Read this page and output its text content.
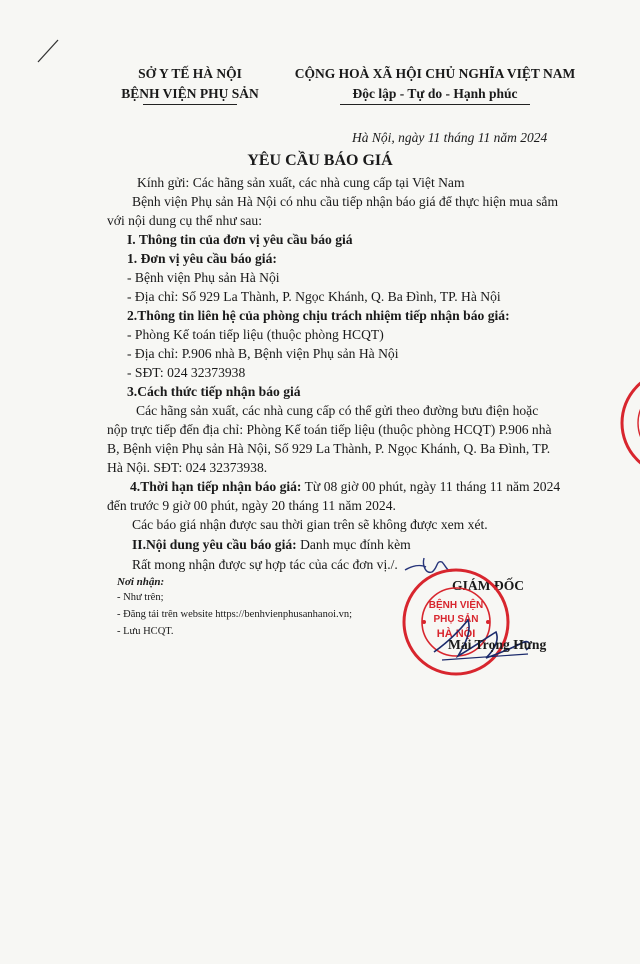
SỞ Y TẾ HÀ NỘI
BỆNH VIỆN PHỤ SẢN
CỘNG HOÀ XÃ HỘI CHỦ NGHĨA VIỆT NAM
Độc lập - Tự do - Hạnh phúc
Hà Nội, ngày 11 tháng 11 năm 2024
YÊU CẦU BÁO GIÁ
Kính gửi: Các hãng sản xuất, các nhà cung cấp tại Việt Nam
Bệnh viện Phụ sản Hà Nội có nhu cầu tiếp nhận báo giá để thực hiện mua sắm
với nội dung cụ thể như sau:
I. Thông tin của đơn vị yêu cầu báo giá
1. Đơn vị yêu cầu báo giá:
- Bệnh viện Phụ sản Hà Nội
- Địa chỉ: Số 929 La Thành, P. Ngọc Khánh, Q. Ba Đình, TP. Hà Nội
2.Thông tin liên hệ của phòng chịu trách nhiệm tiếp nhận báo giá:
- Phòng Kế toán tiếp liệu (thuộc phòng HCQT)
- Địa chỉ: P.906 nhà B, Bệnh viện Phụ sản Hà Nội
- SĐT: 024 32373938
3.Cách thức tiếp nhận báo giá
Các hãng sản xuất, các nhà cung cấp có thể gửi theo đường bưu điện hoặc
nộp trực tiếp đến địa chỉ: Phòng Kế toán tiếp liệu (thuộc phòng HCQT) P.906 nhà
B, Bệnh viện Phụ sản Hà Nội, Số 929 La Thành, P. Ngọc Khánh, Q. Ba Đình, TP.
Hà Nội. SĐT: 024 32373938.
4.Thời hạn tiếp nhận báo giá: Từ 08 giờ 00 phút, ngày 11 tháng 11 năm 2024
đến trước 9 giờ 00 phút, ngày 20 tháng 11 năm 2024.
Các báo giá nhận được sau thời gian trên sẽ không được xem xét.
II.Nội dung yêu cầu báo giá: Danh mục đính kèm
Rất mong nhận được sự hợp tác của các đơn vị./.
Nơi nhận:
- Như trên;
- Đăng tải trên website https://benhvienphusanhanoi.vn;
- Lưu HCQT.
GIÁM ĐỐC
BỆNH VIỆN
PHỤ SẢN
HÀ NỘI
Mai Trọng Hưng
